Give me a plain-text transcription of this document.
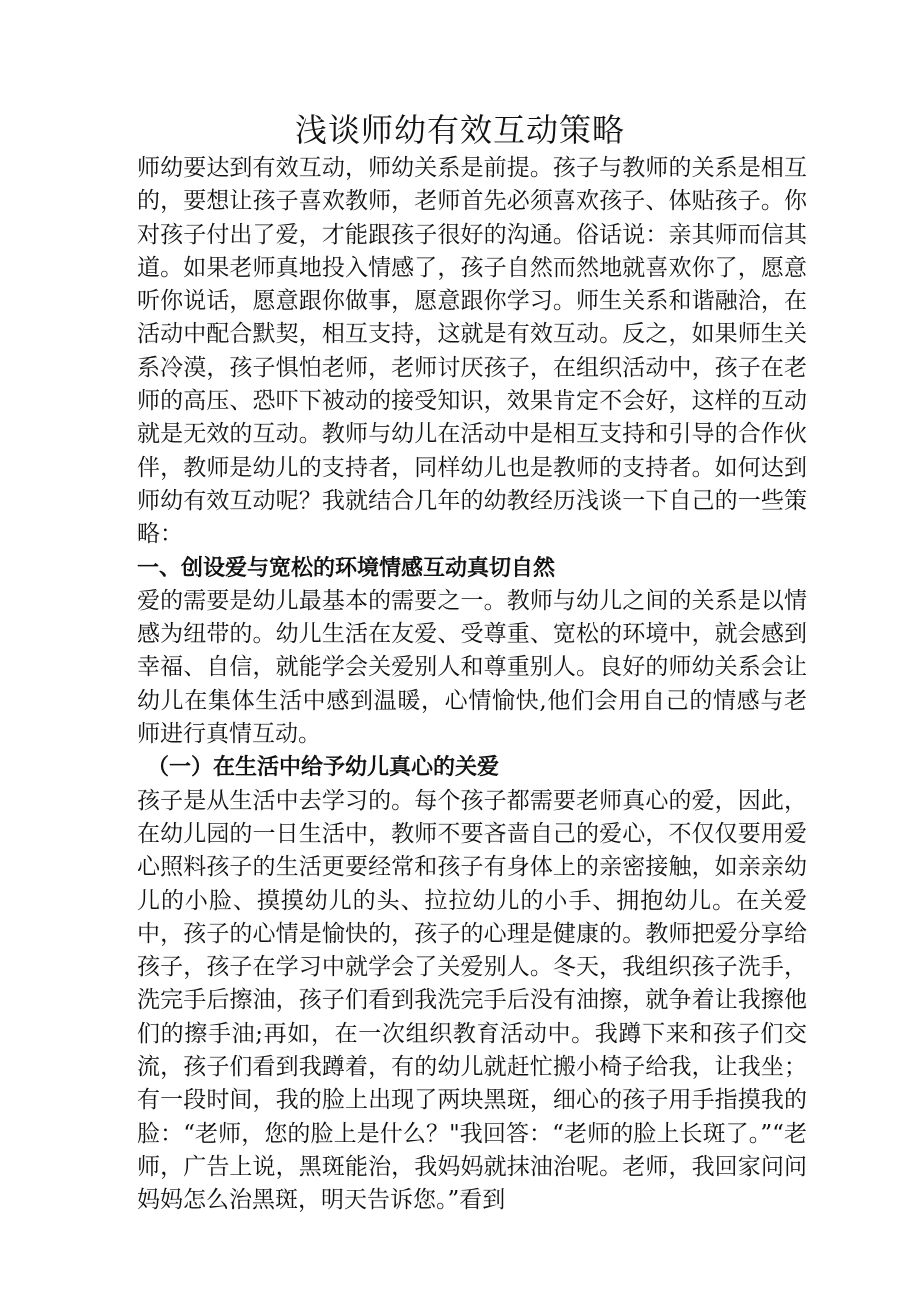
浅谈师幼有效互动策略

师幼要达到有效互动，师幼关系是前提。孩子与教师的关系是相互的，要想让孩子喜欢教师，老师首先必须喜欢孩子、体贴孩子。你对孩子付出了爱，才能跟孩子很好的沟通。俗话说：亲其师而信其道。如果老师真地投入情感了，孩子自然而然地就喜欢你了，愿意听你说话，愿意跟你做事，愿意跟你学习。师生关系和谐融洽，在活动中配合默契，相互支持，这就是有效互动。反之，如果师生关系冷漠，孩子惧怕老师，老师讨厌孩子，在组织活动中，孩子在老师的高压、恐吓下被动的接受知识，效果肯定不会好，这样的互动就是无效的互动。教师与幼儿在活动中是相互支持和引导的合作伙伴，教师是幼儿的支持者，同样幼儿也是教师的支持者。如何达到师幼有效互动呢？我就结合几年的幼教经历浅谈一下自己的一些策略：

一、创设爱与宽松的环境情感互动真切自然

爱的需要是幼儿最基本的需要之一。教师与幼儿之间的关系是以情感为纽带的。幼儿生活在友爱、受尊重、宽松的环境中，就会感到幸福、自信，就能学会关爱别人和尊重别人。良好的师幼关系会让幼儿在集体生活中感到温暖，心情愉快,他们会用自己的情感与老师进行真情互动。

（一）在生活中给予幼儿真心的关爱

孩子是从生活中去学习的。每个孩子都需要老师真心的爱，因此，在幼儿园的一日生活中，教师不要吝啬自己的爱心，不仅仅要用爱心照料孩子的生活更要经常和孩子有身体上的亲密接触，如亲亲幼儿的小脸、摸摸幼儿的头、拉拉幼儿的小手、拥抱幼儿。在关爱中，孩子的心情是愉快的，孩子的心理是健康的。教师把爱分享给孩子，孩子在学习中就学会了关爱别人。冬天，我组织孩子洗手，洗完手后擦油，孩子们看到我洗完手后没有油擦，就争着让我擦他们的擦手油;再如，在一次组织教育活动中。我蹲下来和孩子们交流，孩子们看到我蹲着，有的幼儿就赶忙搬小椅子给我，让我坐；有一段时间，我的脸上出现了两块黑斑，细心的孩子用手指摸我的脸：“老师，您的脸上是什么？"我回答：“老师的脸上长斑了。”“老师，广告上说，黑斑能治，我妈妈就抹油治呢。老师，我回家问问妈妈怎么治黑斑，明天告诉您。”看到
